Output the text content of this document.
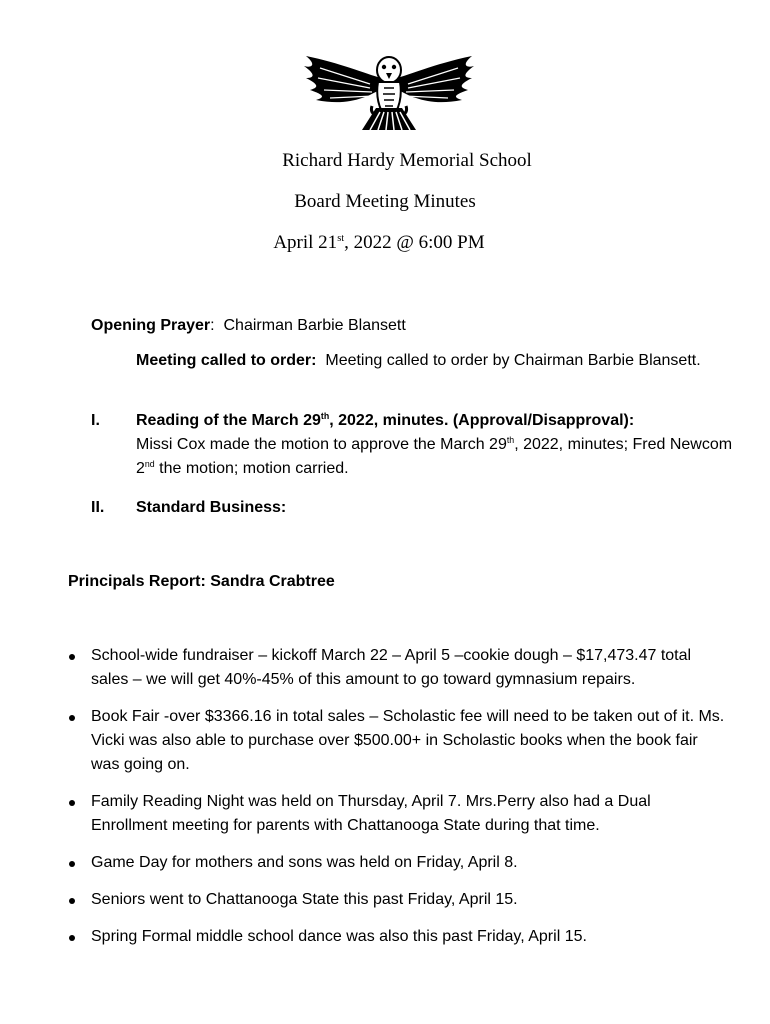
Richard Hardy Memorial School
Board Meeting Minutes
April 21st, 2022 @ 6:00 PM
Opening Prayer:  Chairman Barbie Blansett
Meeting called to order:  Meeting called to order by Chairman Barbie Blansett.
I. Reading of the March 29th, 2022, minutes. (Approval/Disapproval):
Missi Cox made the motion to approve the March 29th, 2022, minutes; Fred Newcom 2nd the motion; motion carried.
II. Standard Business:
Principals Report: Sandra Crabtree
School-wide fundraiser – kickoff March 22 – April 5 –cookie dough – $17,473.47 total sales – we will get 40%-45% of this amount to go toward gymnasium repairs.
Book Fair -over $3366.16 in total sales – Scholastic fee will need to be taken out of it. Ms. Vicki was also able to purchase over $500.00+ in Scholastic books when the book fair was going on.
Family Reading Night was held on Thursday, April 7. Mrs.Perry also had a Dual Enrollment meeting for parents with Chattanooga State during that time.
Game Day for mothers and sons was held on Friday, April 8.
Seniors went to Chattanooga State this past Friday, April 15.
Spring Formal middle school dance was also this past Friday, April 15.
